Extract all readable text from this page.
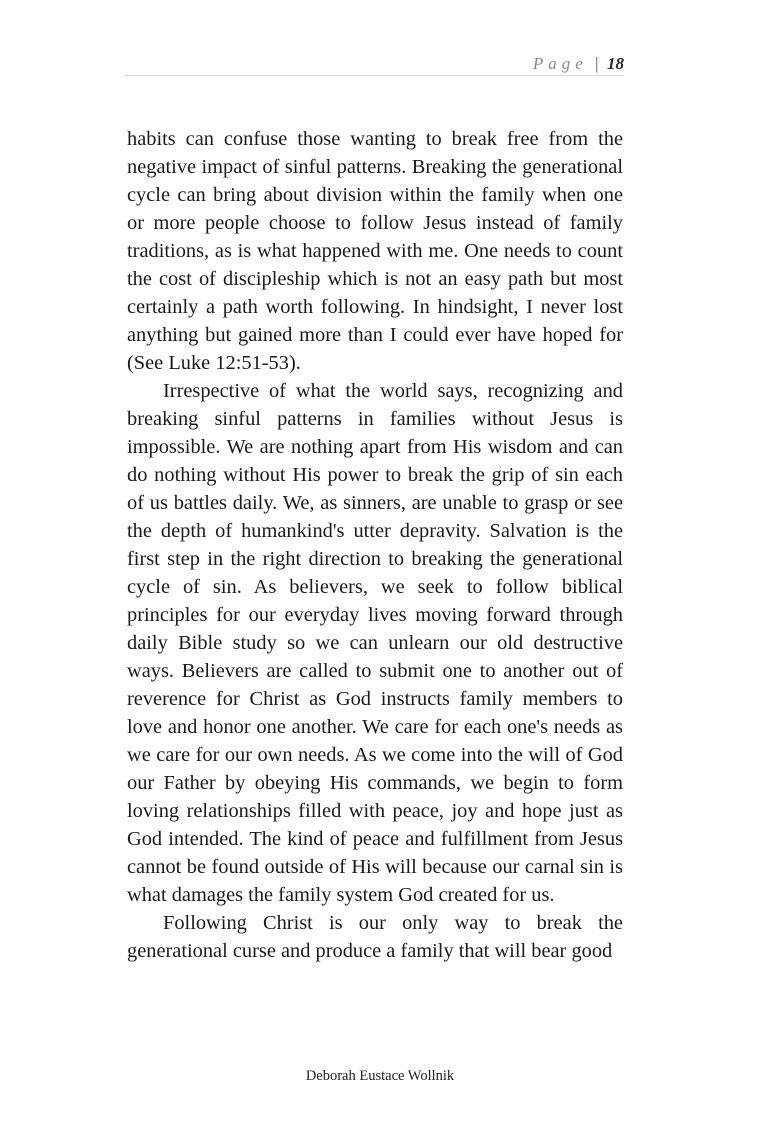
Page | 18

habits can confuse those wanting to break free from the negative impact of sinful patterns. Breaking the generational cycle can bring about division within the family when one or more people choose to follow Jesus instead of family traditions, as is what happened with me. One needs to count the cost of discipleship which is not an easy path but most certainly a path worth following. In hindsight, I never lost anything but gained more than I could ever have hoped for (See Luke 12:51-53).

Irrespective of what the world says, recognizing and breaking sinful patterns in families without Jesus is impossible. We are nothing apart from His wisdom and can do nothing without His power to break the grip of sin each of us battles daily. We, as sinners, are unable to grasp or see the depth of humankind's utter depravity. Salvation is the first step in the right direction to breaking the generational cycle of sin. As believers, we seek to follow biblical principles for our everyday lives moving forward through daily Bible study so we can unlearn our old destructive ways. Believers are called to submit one to another out of reverence for Christ as God instructs family members to love and honor one another. We care for each one's needs as we care for our own needs. As we come into the will of God our Father by obeying His commands, we begin to form loving relationships filled with peace, joy and hope just as God intended. The kind of peace and fulfillment from Jesus cannot be found outside of His will because our carnal sin is what damages the family system God created for us.

Following Christ is our only way to break the generational curse and produce a family that will bear good

Deborah Eustace Wollnik
